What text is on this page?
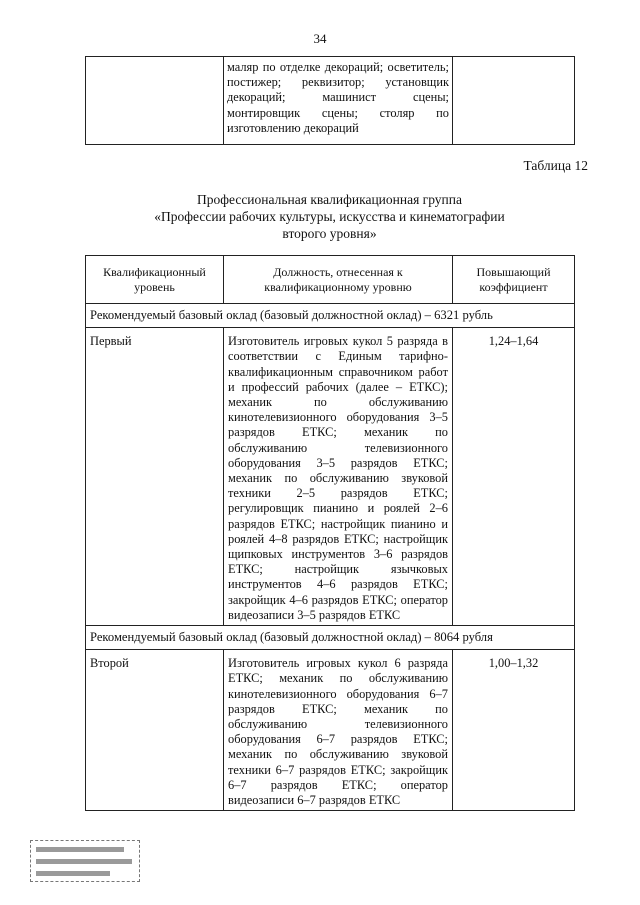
34
	маляр по отделке декораций; осветитель; постижер; реквизитор; установщик декораций; машинист сцены; монтировщик сцены; столяр по изготовлению декораций	
Таблица 12
Профессиональная квалификационная группа
«Профессии рабочих культуры, искусства и кинематографии
второго уровня»
Квалификационный уровень	Должность, отнесенная к квалификационному уровню	Повышающий коэффициент
Рекомендуемый базовый оклад (базовый должностной оклад) – 6321 рубль		
Первый	Изготовитель игровых кукол 5 разряда в соответствии с Единым тарифно-квалификационным справочником работ и профессий рабочих (далее – ЕТКС); механик по обслуживанию кинотелевизионного оборудования 3–5 разрядов ЕТКС; механик по обслуживанию телевизионного оборудования 3–5 разрядов ЕТКС; механик по обслуживанию звуковой техники 2–5 разрядов ЕТКС; регулировщик пианино и роялей 2–6 разрядов ЕТКС; настройщик пианино и роялей 4–8 разрядов ЕТКС; настройщик щипковых инструментов 3–6 разрядов ЕТКС; настройщик язычковых инструментов 4–6 разрядов ЕТКС; закройщик 4–6 разрядов ЕТКС; оператор видеозаписи 3–5 разрядов ЕТКС	1,24–1,64
Рекомендуемый базовый оклад (базовый должностной оклад) – 8064 рубля		
Второй	Изготовитель игровых кукол 6 разряда ЕТКС; механик по обслуживанию кинотелевизионного оборудования 6–7 разрядов ЕТКС; механик по обслуживанию телевизионного оборудования 6–7 разрядов ЕТКС; механик по обслуживанию звуковой техники 6–7 разрядов ЕТКС; закройщик 6–7 разрядов ЕТКС; оператор видеозаписи 6–7 разрядов ЕТКС	1,00–1,32
